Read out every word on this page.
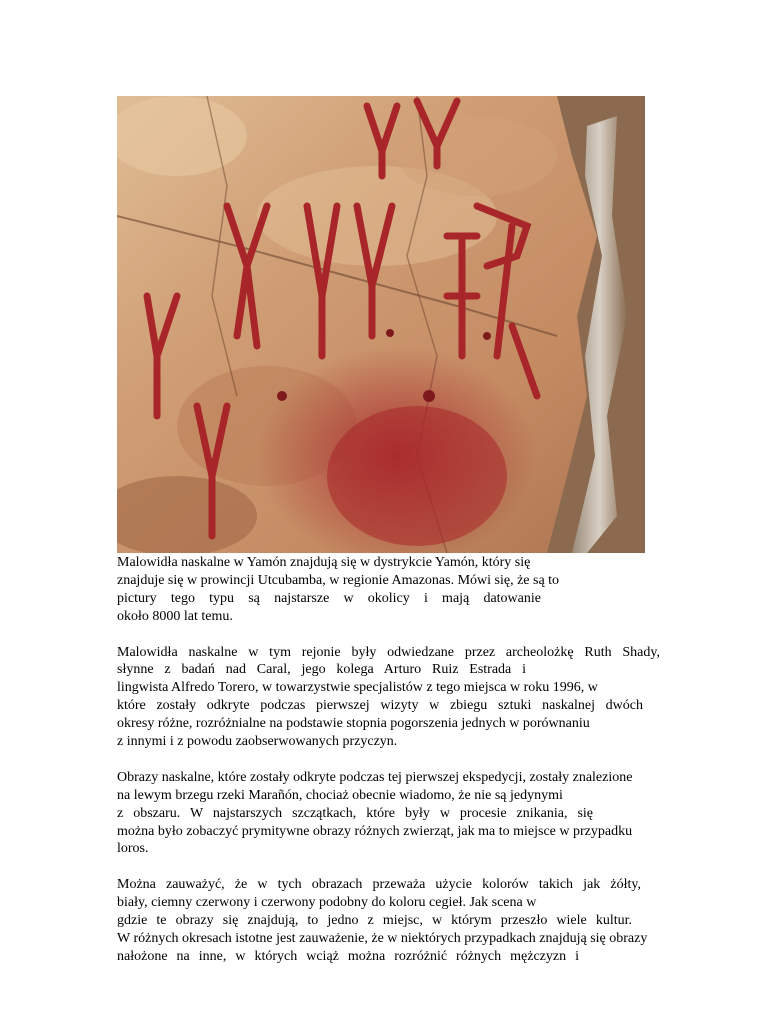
Malowidła naskalne w Yamón znajdują się w dystrykcie Yamón, który się
znajduje się w prowincji Utcubamba, w regionie Amazonas. Mówi się, że są to
pictury tego typu są najstarsze w okolicy i mają datowanie
około 8000 lat temu.
Malowidła naskalne w tym rejonie były odwiedzane przez archeolożkę Ruth Shady,
słynne z badań nad Caral, jego kolega Arturo Ruiz Estrada i
lingwista Alfredo Torero, w towarzystwie specjalistów z tego miejsca w roku 1996, w
które zostały odkryte podczas pierwszej wizyty w zbiegu sztuki naskalnej dwóch
okresy różne, rozróżnialne na podstawie stopnia pogorszenia jednych w porównaniu
z innymi i z powodu zaobserwowanych przyczyn.
Obrazy naskalne, które zostały odkryte podczas tej pierwszej ekspedycji, zostały znalezione
na lewym brzegu rzeki Marañón, chociaż obecnie wiadomo, że nie są jedynymi
z obszaru. W najstarszych szczątkach, które były w procesie znikania, się
można było zobaczyć prymitywne obrazy różnych zwierząt, jak ma to miejsce w przypadku
loros.
Można zauważyć, że w tych obrazach przeważa użycie kolorów takich jak żółty,
biały, ciemny czerwony i czerwony podobny do koloru cegieł. Jak scena w
gdzie te obrazy się znajdują, to jedno z miejsc, w którym przeszło wiele kultur.
W różnych okresach istotne jest zauważenie, że w niektórych przypadkach znajdują się obrazy
nałożone na inne, w których wciąż można rozróżnić różnych mężczyzn i
